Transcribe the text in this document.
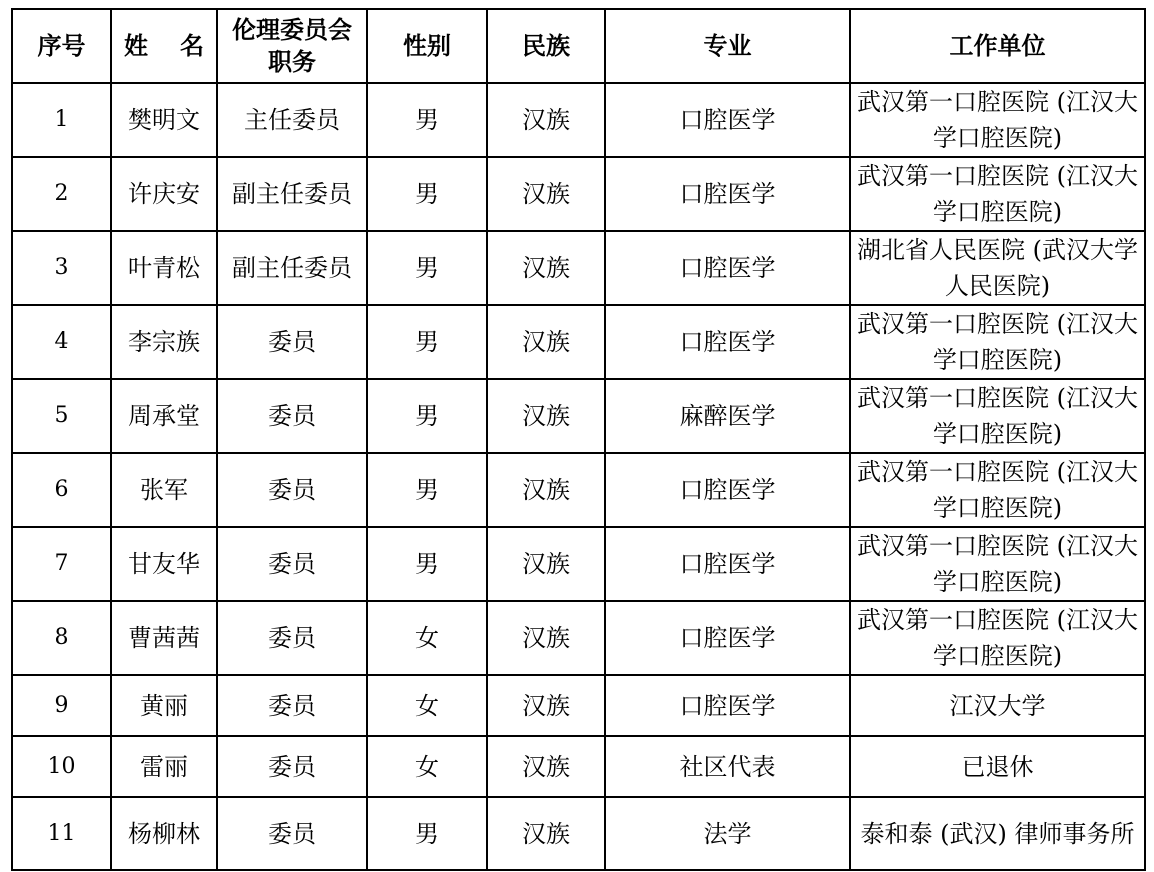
序号	姓 名	伦理委员会职务	性别	民族	专业	工作单位
1	樊明文	主任委员	男	汉族	口腔医学	武汉第一口腔医院 (江汉大学口腔医院)
2	许庆安	副主任委员	男	汉族	口腔医学	武汉第一口腔医院 (江汉大学口腔医院)
3	叶青松	副主任委员	男	汉族	口腔医学	湖北省人民医院 (武汉大学人民医院)
4	李宗族	委员	男	汉族	口腔医学	武汉第一口腔医院 (江汉大学口腔医院)
5	周承堂	委员	男	汉族	麻醉医学	武汉第一口腔医院 (江汉大学口腔医院)
6	张军	委员	男	汉族	口腔医学	武汉第一口腔医院 (江汉大学口腔医院)
7	甘友华	委员	男	汉族	口腔医学	武汉第一口腔医院 (江汉大学口腔医院)
8	曹茜茜	委员	女	汉族	口腔医学	武汉第一口腔医院 (江汉大学口腔医院)
9	黄丽	委员	女	汉族	口腔医学	江汉大学
10	雷丽	委员	女	汉族	社区代表	已退休
11	杨柳林	委员	男	汉族	法学	泰和泰 (武汉) 律师事务所
